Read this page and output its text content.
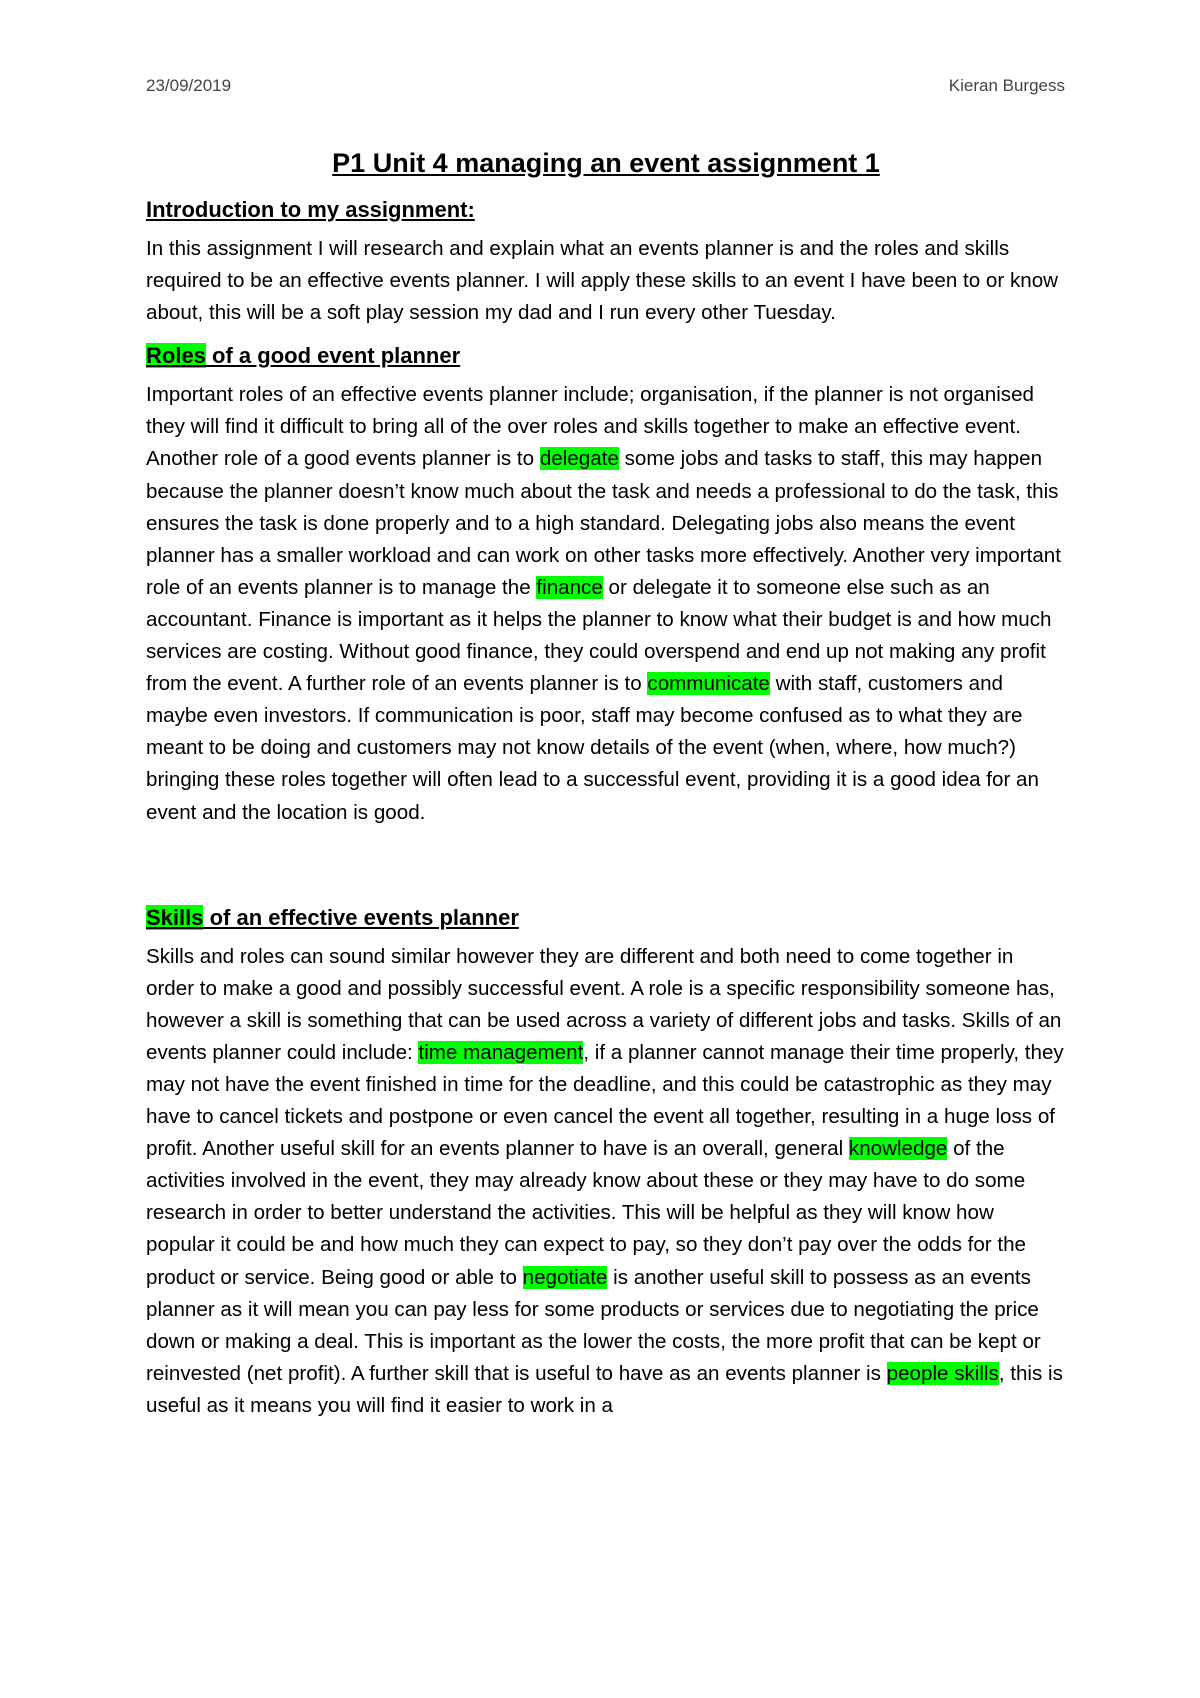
23/09/2019	Kieran Burgess
P1 Unit 4 managing an event assignment 1
Introduction to my assignment:

In this assignment I will research and explain what an events planner is and the roles and skills required to be an effective events planner. I will apply these skills to an event I have been to or know about, this will be a soft play session my dad and I run every other Tuesday.

Roles of a good event planner

Important roles of an effective events planner include; organisation, if the planner is not organised they will find it difficult to bring all of the over roles and skills together to make an effective event. Another role of a good events planner is to delegate some jobs and tasks to staff, this may happen because the planner doesn’t know much about the task and needs a professional to do the task, this ensures the task is done properly and to a high standard. Delegating jobs also means the event planner has a smaller workload and can work on other tasks more effectively. Another very important role of an events planner is to manage the finance or delegate it to someone else such as an accountant. Finance is important as it helps the planner to know what their budget is and how much services are costing. Without good finance, they could overspend and end up not making any profit from the event. A further role of an events planner is to communicate with staff, customers and maybe even investors. If communication is poor, staff may become confused as to what they are meant to be doing and customers may not know details of the event (when, where, how much?) bringing these roles together will often lead to a successful event, providing it is a good idea for an event and the location is good.

Skills of an effective events planner

Skills and roles can sound similar however they are different and both need to come together in order to make a good and possibly successful event. A role is a specific responsibility someone has, however a skill is something that can be used across a variety of different jobs and tasks. Skills of an events planner could include: time management, if a planner cannot manage their time properly, they may not have the event finished in time for the deadline, and this could be catastrophic as they may have to cancel tickets and postpone or even cancel the event all together, resulting in a huge loss of profit. Another useful skill for an events planner to have is an overall, general knowledge of the activities involved in the event, they may already know about these or they may have to do some research in order to better understand the activities. This will be helpful as they will know how popular it could be and how much they can expect to pay, so they don’t pay over the odds for the product or service. Being good or able to negotiate is another useful skill to possess as an events planner as it will mean you can pay less for some products or services due to negotiating the price down or making a deal. This is important as the lower the costs, the more profit that can be kept or reinvested (net profit). A further skill that is useful to have as an events planner is people skills, this is useful as it means you will find it easier to work in a
